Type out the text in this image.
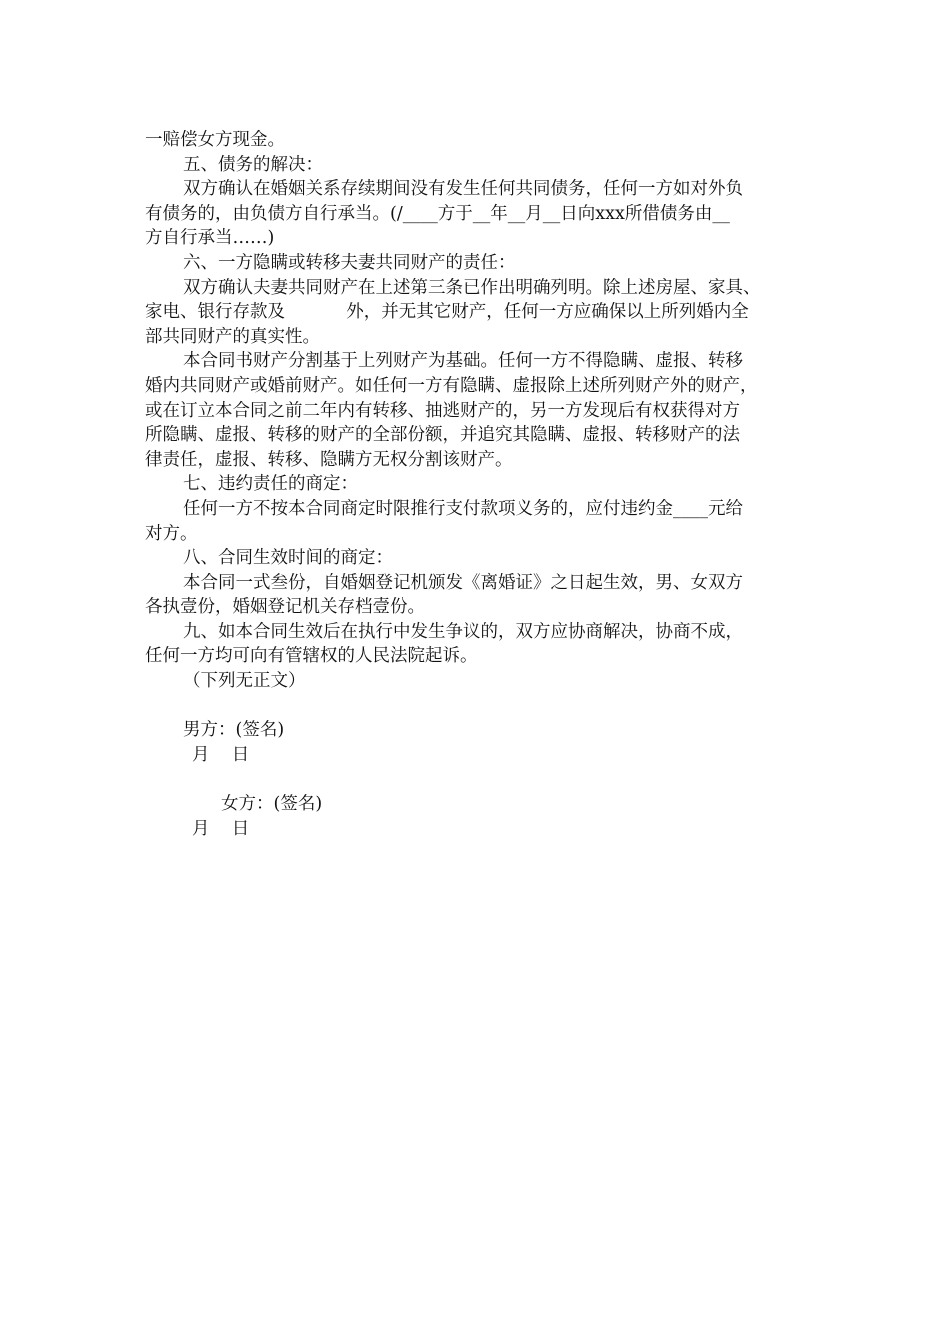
一赔偿女方现金。
五、债务的解决：
双方确认在婚姻关系存续期间没有发生任何共同债务，任何一方如对外负
有债务的，由负债方自行承当。(/____方于__年__月__日向xxx所借债务由__
方自行承当……)
六、一方隐瞒或转移夫妻共同财产的责任：
双方确认夫妻共同财产在上述第三条已作出明确列明。除上述房屋、家具、
家电、银行存款及           外，并无其它财产，任何一方应确保以上所列婚内全
部共同财产的真实性。
本合同书财产分割基于上列财产为基础。任何一方不得隐瞒、虚报、转移
婚内共同财产或婚前财产。如任何一方有隐瞒、虚报除上述所列财产外的财产，
或在订立本合同之前二年内有转移、抽逃财产的，另一方发现后有权获得对方
所隐瞒、虚报、转移的财产的全部份额，并追究其隐瞒、虚报、转移财产的法
律责任，虚报、转移、隐瞒方无权分割该财产。
七、违约责任的商定：
任何一方不按本合同商定时限推行支付款项义务的，应付违约金____元给
对方。
八、合同生效时间的商定：
本合同一式叁份，自婚姻登记机颁发《离婚证》之日起生效，男、女双方
各执壹份，婚姻登记机关存档壹份。
九、如本合同生效后在执行中发生争议的，双方应协商解决，协商不成，
任何一方均可向有管辖权的人民法院起诉。
（下列无正文）
男方：(签名)
月    日
女方：(签名)
月    日
